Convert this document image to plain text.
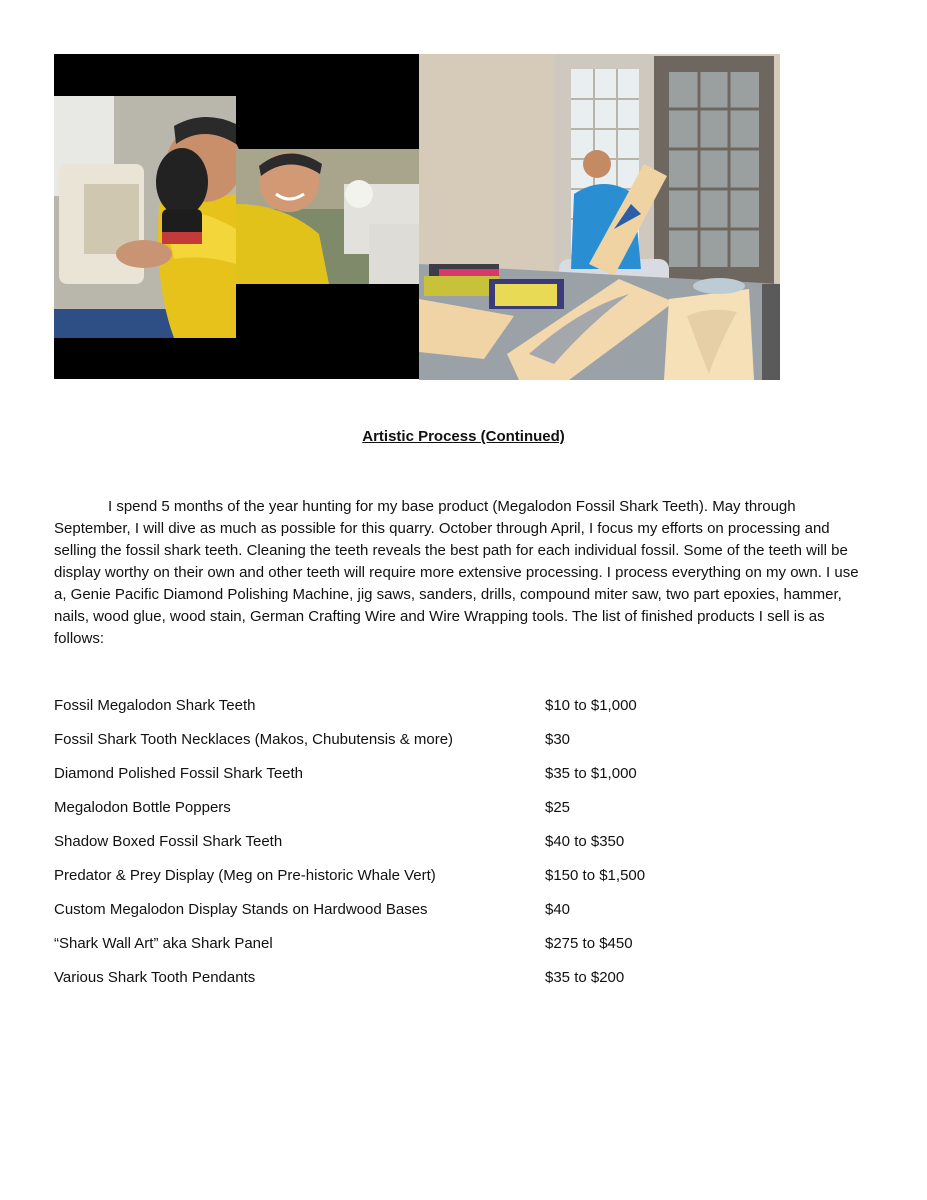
Artistic Process (Continued)

I spend 5 months of the year hunting for my base product (Megalodon Fossil Shark Teeth). May through September, I will dive as much as possible for this quarry. October through April, I focus my efforts on processing and selling the fossil shark teeth. Cleaning the teeth reveals the best path for each individual fossil. Some of the teeth will be display worthy on their own and other teeth will require more extensive processing. I process everything on my own. I use a, Genie Pacific Diamond Polishing Machine, jig saws, sanders, drills, compound miter saw, two part epoxies, hammer, nails, wood glue, wood stain, German Crafting Wire and Wire Wrapping tools. The list of finished products I sell is as follows:

Fossil Megalodon Shark Teeth	$10 to $1,000
Fossil Shark Tooth Necklaces (Makos, Chubutensis & more)	$30
Diamond Polished Fossil Shark Teeth	$35 to $1,000
Megalodon Bottle Poppers	$25
Shadow Boxed Fossil Shark Teeth	$40 to $350
Predator & Prey Display (Meg on Pre-historic Whale Vert)	$150 to $1,500
Custom Megalodon Display Stands on Hardwood Bases	$40
“Shark Wall Art” aka Shark Panel	$275 to $450
Various Shark Tooth Pendants	$35 to $200
